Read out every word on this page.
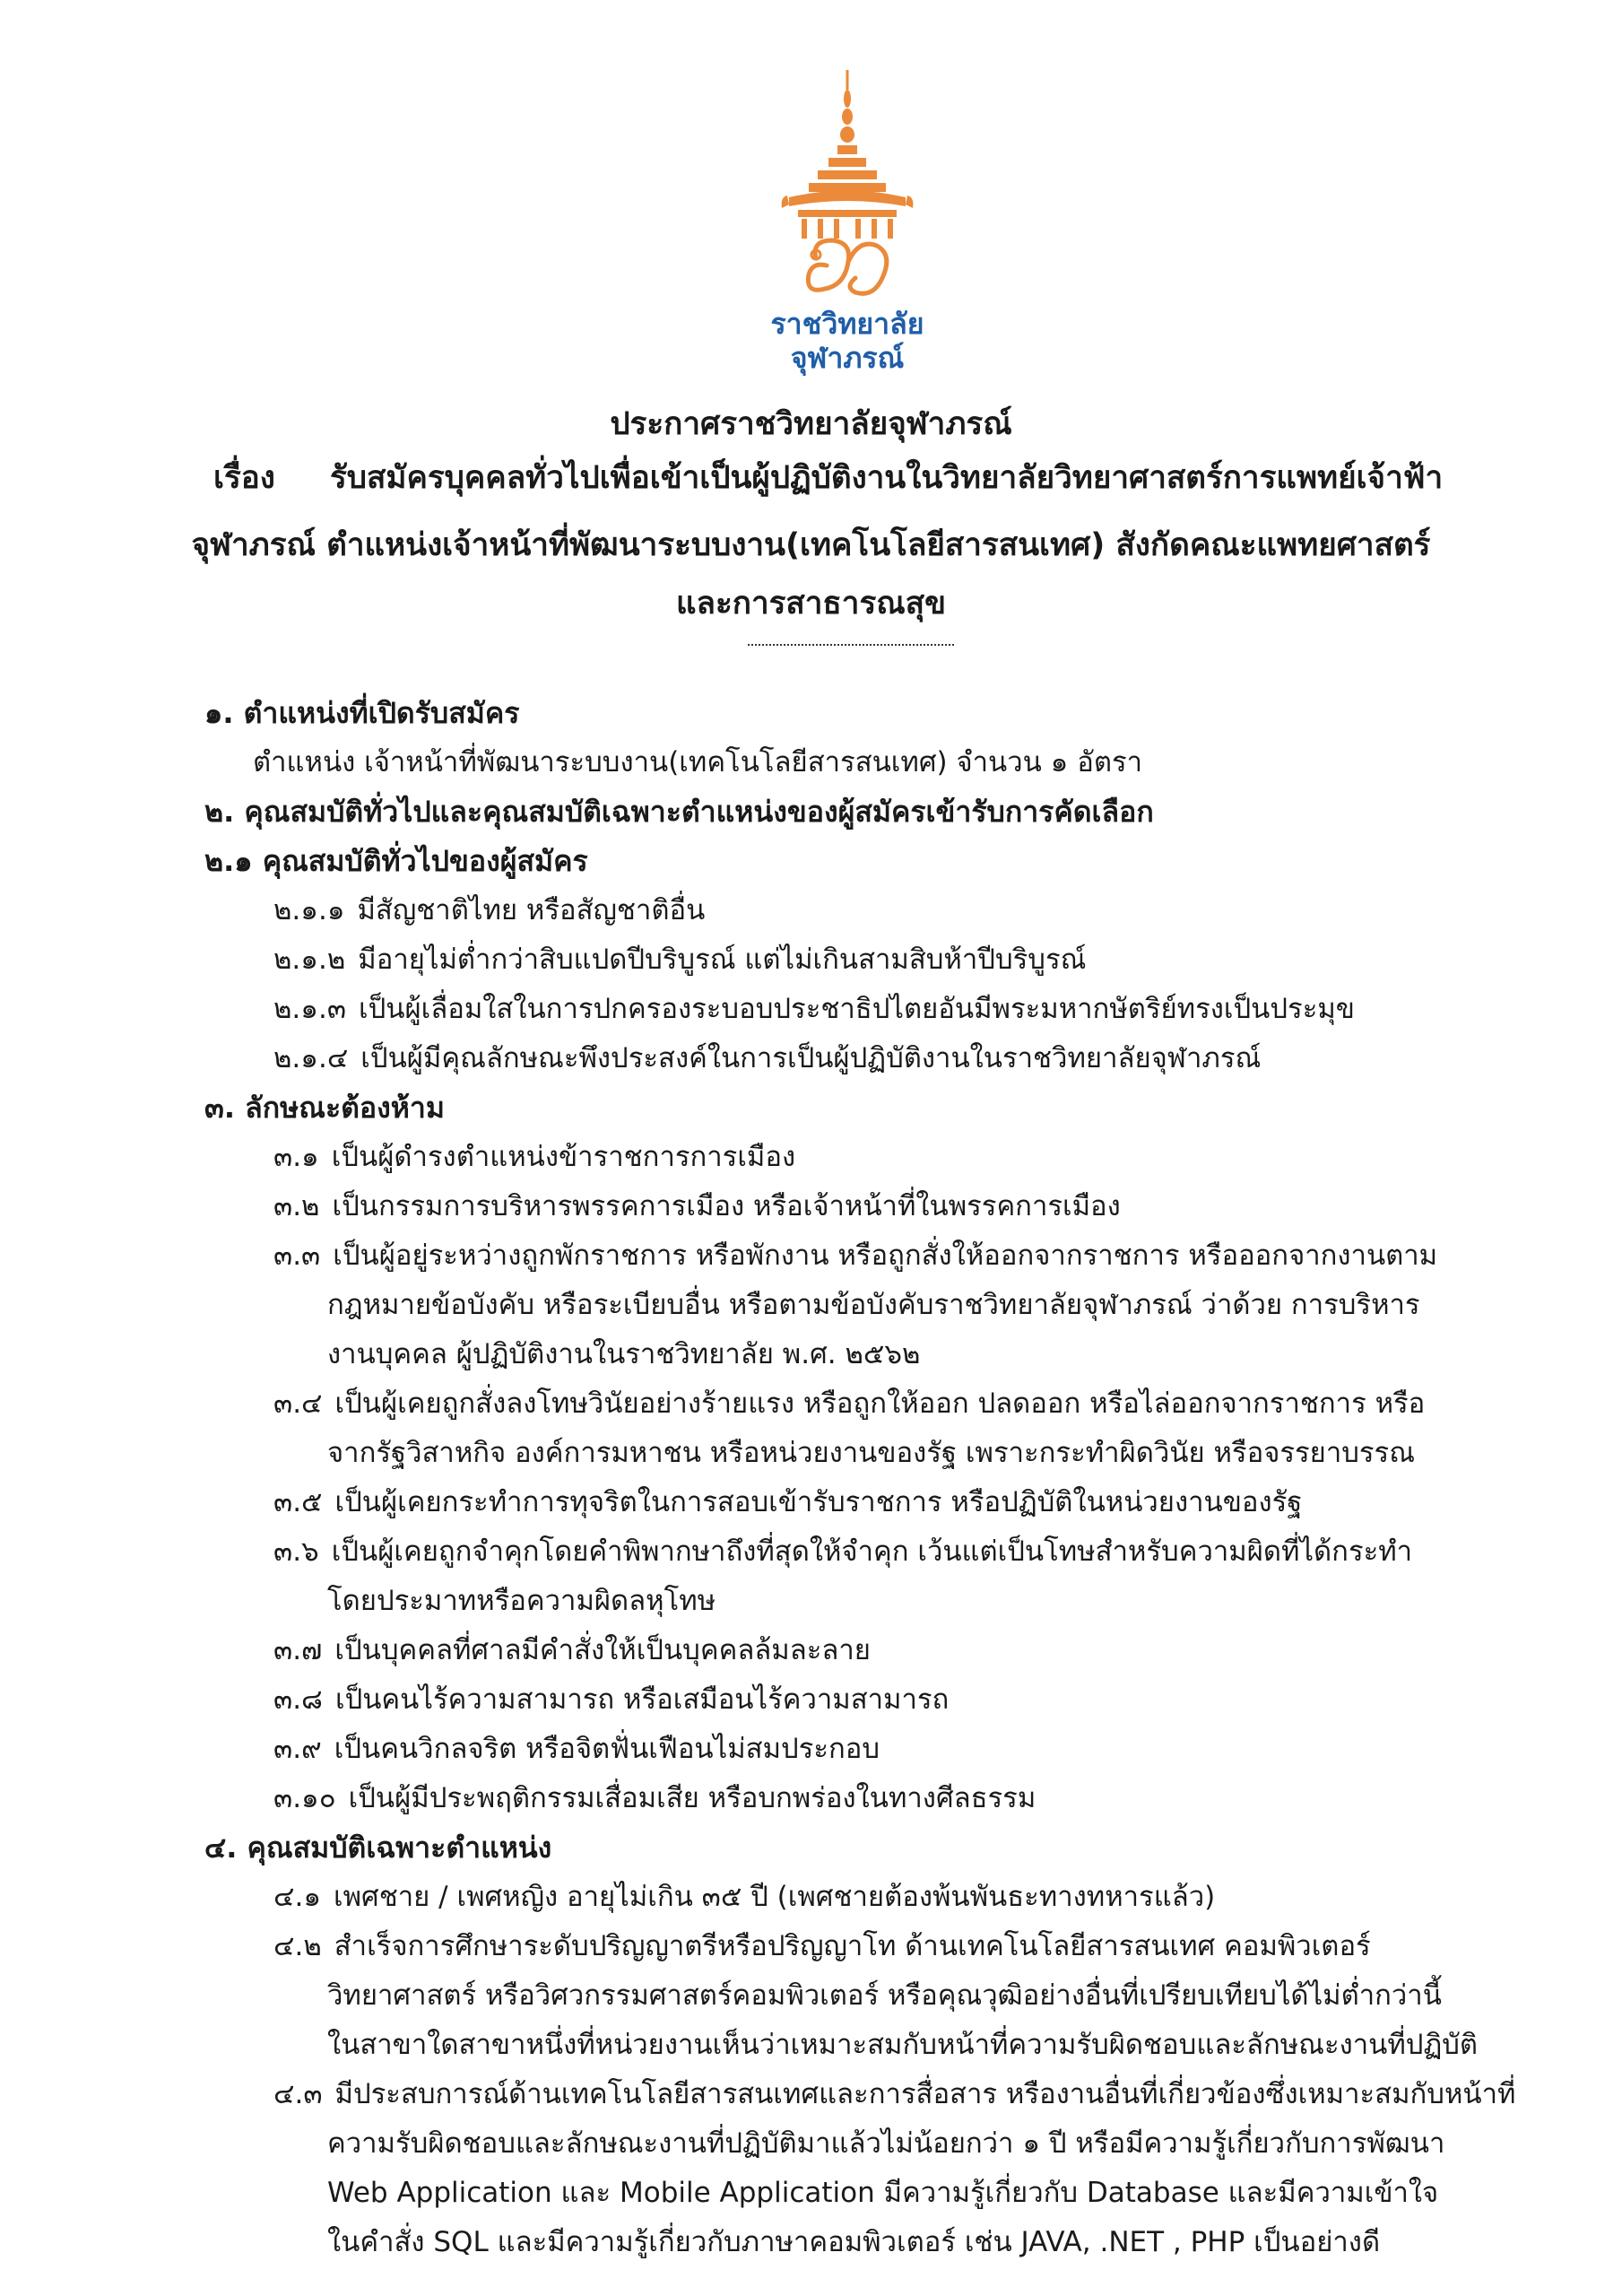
ราชวิทยาลัย
จุฬาภรณ์
ประกาศราชวิทยาลัยจุฬาภรณ์
เรื่อง รับสมัครบุคคลทั่วไปเพื่อเข้าเป็นผู้ปฏิบัติงานในวิทยาลัยวิทยาศาสตร์การแพทย์เจ้าฟ้า
จุฬาภรณ์ ตำแหน่งเจ้าหน้าที่พัฒนาระบบงาน(เทคโนโลยีสารสนเทศ) สังกัดคณะแพทยศาสตร์
และการสาธารณสุข
๑. ตำแหน่งที่เปิดรับสมัคร
ตำแหน่ง เจ้าหน้าที่พัฒนาระบบงาน(เทคโนโลยีสารสนเทศ) จำนวน ๑ อัตรา
๒. คุณสมบัติทั่วไปและคุณสมบัติเฉพาะตำแหน่งของผู้สมัครเข้ารับการคัดเลือก
๒.๑ คุณสมบัติทั่วไปของผู้สมัคร
๒.๑.๑ มีสัญชาติไทย หรือสัญชาติอื่น
๒.๑.๒ มีอายุไม่ต่ำกว่าสิบแปดปีบริบูรณ์ แต่ไม่เกินสามสิบห้าปีบริบูรณ์
๒.๑.๓ เป็นผู้เลื่อมใสในการปกครองระบอบประชาธิปไตยอันมีพระมหากษัตริย์ทรงเป็นประมุข
๒.๑.๔ เป็นผู้มีคุณลักษณะพึงประสงค์ในการเป็นผู้ปฏิบัติงานในราชวิทยาลัยจุฬาภรณ์
๓. ลักษณะต้องห้าม
๓.๑ เป็นผู้ดำรงตำแหน่งข้าราชการการเมือง
๓.๒ เป็นกรรมการบริหารพรรคการเมือง หรือเจ้าหน้าที่ในพรรคการเมือง
๓.๓ เป็นผู้อยู่ระหว่างถูกพักราชการ หรือพักงาน หรือถูกสั่งให้ออกจากราชการ หรือออกจากงานตาม
กฎหมายข้อบังคับ หรือระเบียบอื่น หรือตามข้อบังคับราชวิทยาลัยจุฬาภรณ์ ว่าด้วย การบริหาร
งานบุคคล ผู้ปฏิบัติงานในราชวิทยาลัย พ.ศ. ๒๕๖๒
๓.๔ เป็นผู้เคยถูกสั่งลงโทษวินัยอย่างร้ายแรง หรือถูกให้ออก ปลดออก หรือไล่ออกจากราชการ หรือ
จากรัฐวิสาหกิจ องค์การมหาชน หรือหน่วยงานของรัฐ เพราะกระทำผิดวินัย หรือจรรยาบรรณ
๓.๕ เป็นผู้เคยกระทำการทุจริตในการสอบเข้ารับราชการ หรือปฏิบัติในหน่วยงานของรัฐ
๓.๖ เป็นผู้เคยถูกจำคุกโดยคำพิพากษาถึงที่สุดให้จำคุก เว้นแต่เป็นโทษสำหรับความผิดที่ได้กระทำ
โดยประมาทหรือความผิดลหุโทษ
๓.๗ เป็นบุคคลที่ศาลมีคำสั่งให้เป็นบุคคลล้มละลาย
๓.๘ เป็นคนไร้ความสามารถ หรือเสมือนไร้ความสามารถ
๓.๙ เป็นคนวิกลจริต หรือจิตฟั่นเฟือนไม่สมประกอบ
๓.๑๐ เป็นผู้มีประพฤติกรรมเสื่อมเสีย หรือบกพร่องในทางศีลธรรม
๔. คุณสมบัติเฉพาะตำแหน่ง
๔.๑ เพศชาย / เพศหญิง อายุไม่เกิน ๓๕ ปี (เพศชายต้องพ้นพันธะทางทหารแล้ว)
๔.๒ สำเร็จการศึกษาระดับปริญญาตรีหรือปริญญาโท ด้านเทคโนโลยีสารสนเทศ คอมพิวเตอร์
วิทยาศาสตร์ หรือวิศวกรรมศาสตร์คอมพิวเตอร์ หรือคุณวุฒิอย่างอื่นที่เปรียบเทียบได้ไม่ต่ำกว่านี้
ในสาขาใดสาขาหนึ่งที่หน่วยงานเห็นว่าเหมาะสมกับหน้าที่ความรับผิดชอบและลักษณะงานที่ปฏิบัติ
๔.๓ มีประสบการณ์ด้านเทคโนโลยีสารสนเทศและการสื่อสาร หรืองานอื่นที่เกี่ยวข้องซึ่งเหมาะสมกับหน้าที่
ความรับผิดชอบและลักษณะงานที่ปฏิบัติมาแล้วไม่น้อยกว่า ๑ ปี หรือมีความรู้เกี่ยวกับการพัฒนา
Web Application และ Mobile Application มีความรู้เกี่ยวกับ Database และมีความเข้าใจ
ในคำสั่ง SQL และมีความรู้เกี่ยวกับภาษาคอมพิวเตอร์ เช่น JAVA, .NET , PHP เป็นอย่างดี
